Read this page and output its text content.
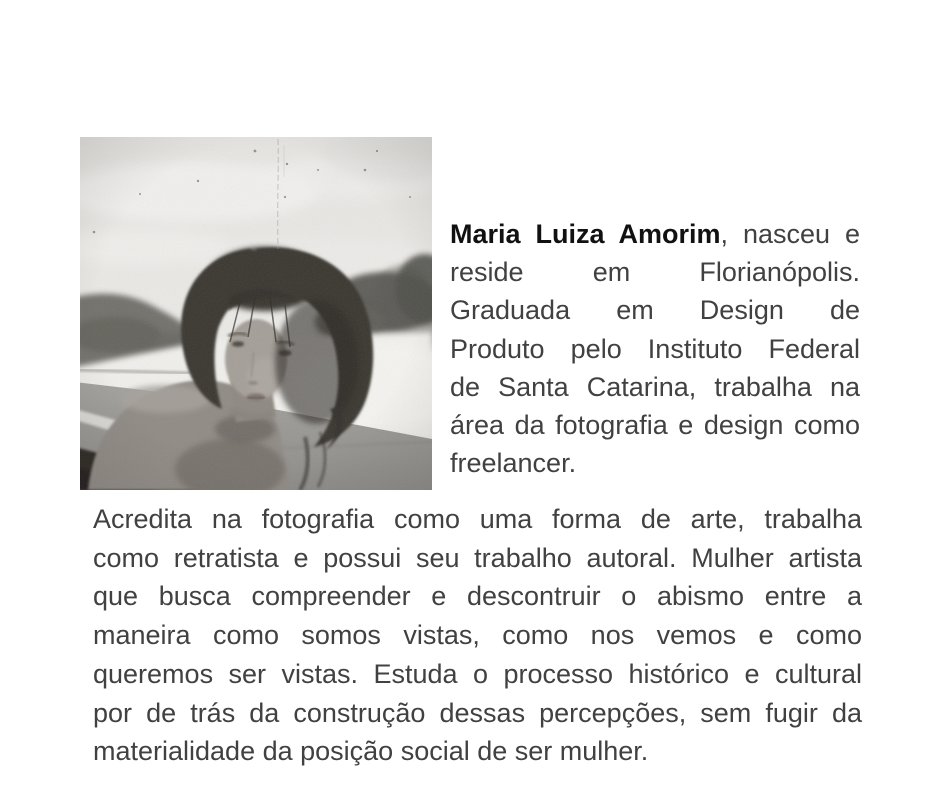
Maria Luiza Amorim, nasceu e
reside em Florianópolis.
Graduada em Design de
Produto pelo Instituto Federal
de Santa Catarina, trabalha na
área da fotografia e design como
freelancer.
Acredita na fotografia como uma forma de arte, trabalha
como retratista e possui seu trabalho autoral. Mulher artista
que busca compreender e descontruir o abismo entre a
maneira como somos vistas, como nos vemos e como
queremos ser vistas. Estuda o processo histórico e cultural
por de trás da construção dessas percepções, sem fugir da
materialidade da posição social de ser mulher.
